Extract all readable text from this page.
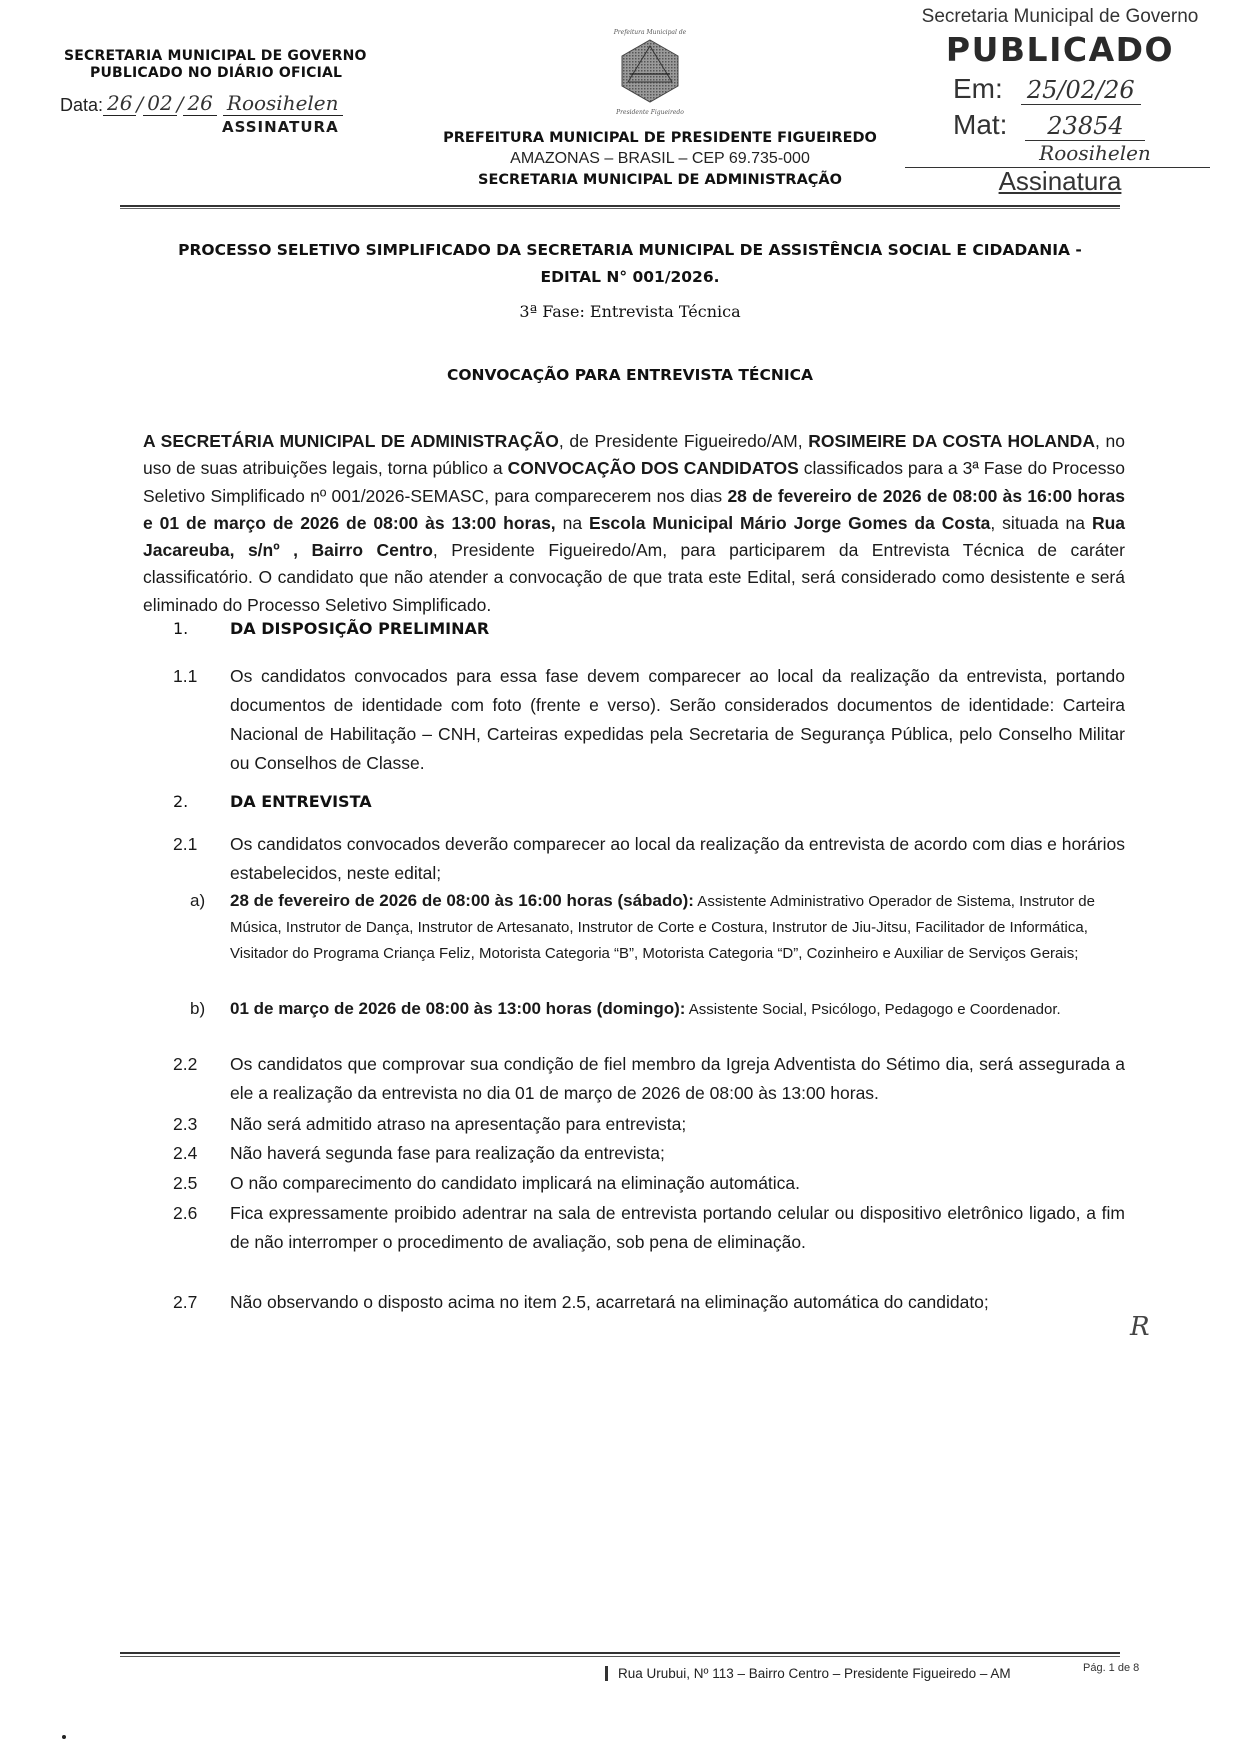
SECRETARIA MUNICIPAL DE GOVERNO
PUBLICADO NO DIÁRIO OFICIAL
Data: 26 / 02 / 26 Roosihelen
ASSINATURA
Prefeitura Municipal de
Presidente Figueiredo
PREFEITURA MUNICIPAL DE PRESIDENTE FIGUEIREDO
AMAZONAS – BRASIL – CEP 69.735-000
SECRETARIA MUNICIPAL DE ADMINISTRAÇÃO
Secretaria Municipal de Governo
PUBLICADO
Em: 25/02/26
Mat:	23854
Roosihelen
Assinatura
PROCESSO SELETIVO SIMPLIFICADO DA SECRETARIA MUNICIPAL DE ASSISTÊNCIA SOCIAL E CIDADANIA -
EDITAL N° 001/2026.
3ª Fase: Entrevista Técnica
CONVOCAÇÃO PARA ENTREVISTA TÉCNICA

A SECRETÁRIA MUNICIPAL DE ADMINISTRAÇÃO, de Presidente Figueiredo/AM, ROSIMEIRE DA COSTA HOLANDA, no uso de suas atribuições legais, torna público a CONVOCAÇÃO DOS CANDIDATOS classificados para a 3ª Fase do Processo Seletivo Simplificado nº 001/2026-SEMASC, para comparecerem nos dias 28 de fevereiro de 2026 de 08:00 às 16:00 horas e 01 de março de 2026 de 08:00 às 13:00 horas, na Escola Municipal Mário Jorge Gomes da Costa, situada na Rua Jacareuba, s/nº , Bairro Centro, Presidente Figueiredo/Am, para participarem da Entrevista Técnica de caráter classificatório. O candidato que não atender a convocação de que trata este Edital, será considerado como desistente e será eliminado do Processo Seletivo Simplificado.

1.	DA DISPOSIÇÃO PRELIMINAR
1.1	Os candidatos convocados para essa fase devem comparecer ao local da realização da entrevista, portando documentos de identidade com foto (frente e verso). Serão considerados documentos de identidade: Carteira Nacional de Habilitação – CNH, Carteiras expedidas pela Secretaria de Segurança Pública, pelo Conselho Militar ou Conselhos de Classe.
2.	DA ENTREVISTA
2.1	Os candidatos convocados deverão comparecer ao local da realização da entrevista de acordo com dias e horários estabelecidos, neste edital;
a)	28 de fevereiro de 2026 de 08:00 às 16:00 horas (sábado): Assistente Administrativo Operador de Sistema, Instrutor de Música, Instrutor de Dança, Instrutor de Artesanato, Instrutor de Corte e Costura, Instrutor de Jiu-Jitsu, Facilitador de Informática, Visitador do Programa Criança Feliz, Motorista Categoria “B”, Motorista Categoria “D”, Cozinheiro e Auxiliar de Serviços Gerais;
b)	01 de março de 2026 de 08:00 às 13:00 horas (domingo): Assistente Social, Psicólogo, Pedagogo e Coordenador.
2.2	Os candidatos que comprovar sua condição de fiel membro da Igreja Adventista do Sétimo dia, será assegurada a ele a realização da entrevista no dia 01 de março de 2026 de 08:00 às 13:00 horas.
2.3	Não será admitido atraso na apresentação para entrevista;
2.4	Não haverá segunda fase para realização da entrevista;
2.5	O não comparecimento do candidato implicará na eliminação automática.
2.6	Fica expressamente proibido adentrar na sala de entrevista portando celular ou dispositivo eletrônico ligado, a fim de não interromper o procedimento de avaliação, sob pena de eliminação.
2.7	Não observando o disposto acima no item 2.5, acarretará na eliminação automática do candidato;
R
Rua Urubui, Nº 113 – Bairro Centro – Presidente Figueiredo – AM	Pág. 1 de 8
